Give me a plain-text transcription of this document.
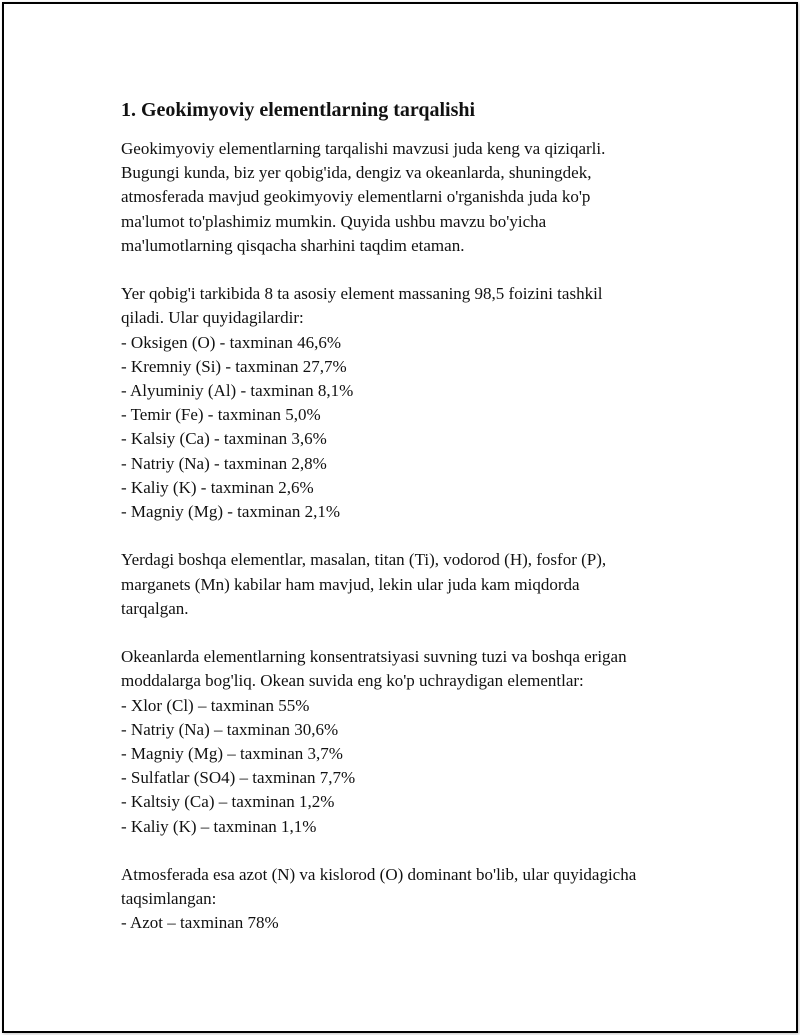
1. Geokimyoviy elementlarning tarqalishi
Geokimyoviy elementlarning tarqalishi mavzusi juda keng va qiziqarli.
Bugungi kunda, biz yer qobig'ida, dengiz va okeanlarda, shuningdek,
atmosferada mavjud geokimyoviy elementlarni o'rganishda juda ko'p
ma'lumot to'plashimiz mumkin. Quyida ushbu mavzu bo'yicha
ma'lumotlarning qisqacha sharhini taqdim etaman.
Yer qobig'i tarkibida 8 ta asosiy element massaning 98,5 foizini tashkil
qiladi. Ular quyidagilardir:
- Oksigen (O) - taxminan 46,6%
- Kremniy (Si) - taxminan 27,7%
- Alyuminiy (Al) - taxminan 8,1%
- Temir (Fe) - taxminan 5,0%
- Kalsiy (Ca) - taxminan 3,6%
- Natriy (Na) - taxminan 2,8%
- Kaliy (K) - taxminan 2,6%
- Magniy (Mg) - taxminan 2,1%
Yerdagi boshqa elementlar, masalan, titan (Ti), vodorod (H), fosfor (P),
marganets (Mn) kabilar ham mavjud, lekin ular juda kam miqdorda
tarqalgan.
Okeanlarda elementlarning konsentratsiyasi suvning tuzi va boshqa erigan
moddalarga bog'liq. Okean suvida eng ko'p uchraydigan elementlar:
- Xlor (Cl) – taxminan 55%
- Natriy (Na) – taxminan 30,6%
- Magniy (Mg) – taxminan 3,7%
- Sulfatlar (SO4) – taxminan 7,7%
- Kaltsiy (Ca) – taxminan 1,2%
- Kaliy (K) – taxminan 1,1%
Atmosferada esa azot (N) va kislorod (O) dominant bo'lib, ular quyidagicha
taqsimlangan:
- Azot – taxminan 78%
